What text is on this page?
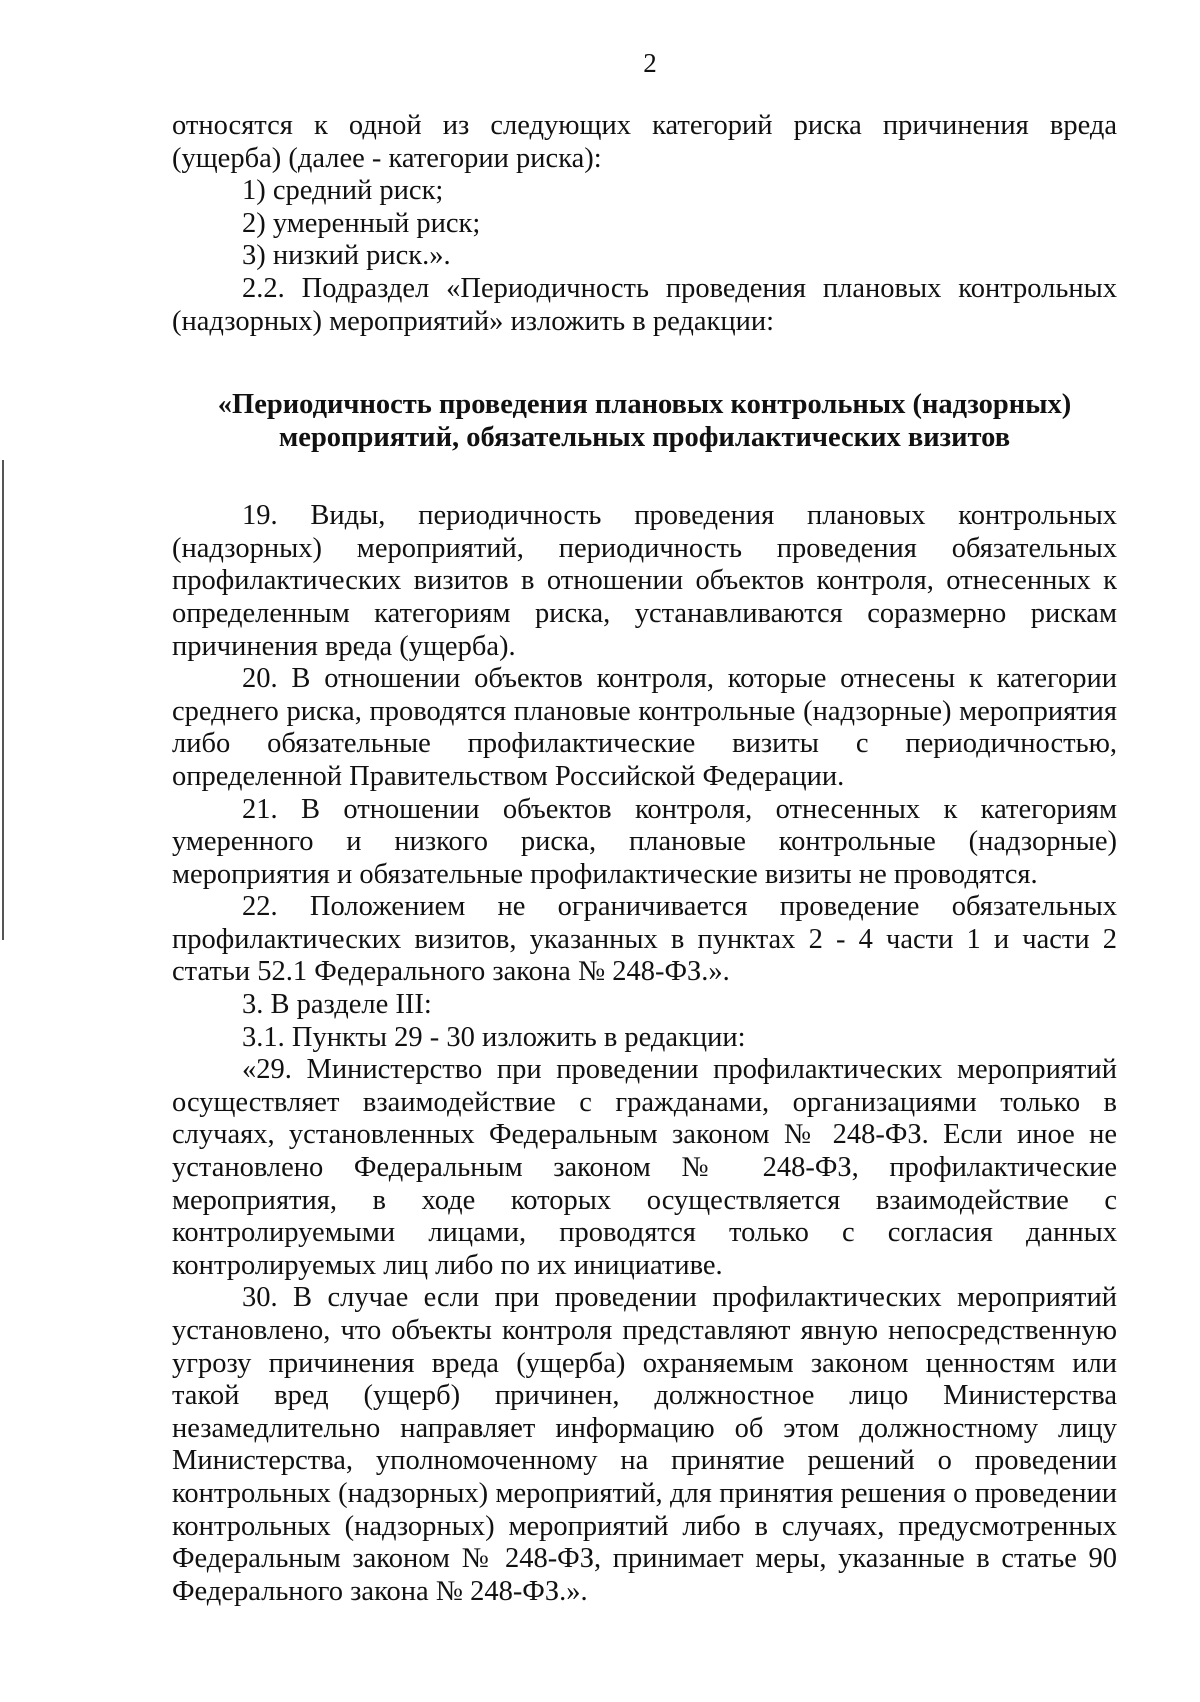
2

относятся к одной из следующих категорий риска причинения вреда (ущерба) (далее - категории риска):

1) средний риск;

2) умеренный риск;

3) низкий риск.».

2.2. Подраздел «Периодичность проведения плановых контрольных (надзорных) мероприятий» изложить в редакции:

«Периодичность проведения плановых контрольных (надзорных)
мероприятий, обязательных профилактических визитов

19. Виды, периодичность проведения плановых контрольных (надзорных) мероприятий, периодичность проведения обязательных профилактических визитов в отношении объектов контроля, отнесенных к определенным категориям риска, устанавливаются соразмерно рискам причинения вреда (ущерба).

20. В отношении объектов контроля, которые отнесены к категории среднего риска, проводятся плановые контрольные (надзорные) мероприятия либо обязательные профилактические визиты с периодичностью, определенной Правительством Российской Федерации.

21. В отношении объектов контроля, отнесенных к категориям умеренного и низкого риска, плановые контрольные (надзорные) мероприятия и обязательные профилактические визиты не проводятся.

22. Положением не ограничивается проведение обязательных профилактических визитов, указанных в пунктах 2 - 4 части 1 и части 2 статьи 52.1 Федерального закона № 248-ФЗ.».

3. В разделе III:

3.1. Пункты 29 - 30 изложить в редакции:

«29. Министерство при проведении профилактических мероприятий осуществляет взаимодействие с гражданами, организациями только в случаях, установленных Федеральным законом № 248-ФЗ. Если иное не установлено Федеральным законом № 248-ФЗ, профилактические мероприятия, в ходе которых осуществляется взаимодействие с контролируемыми лицами, проводятся только с согласия данных контролируемых лиц либо по их инициативе.

30. В случае если при проведении профилактических мероприятий установлено, что объекты контроля представляют явную непосредственную угрозу причинения вреда (ущерба) охраняемым законом ценностям или такой вред (ущерб) причинен, должностное лицо Министерства незамедлительно направляет информацию об этом должностному лицу Министерства, уполномоченному на принятие решений о проведении контрольных (надзорных) мероприятий, для принятия решения о проведении контрольных (надзорных) мероприятий либо в случаях, предусмотренных Федеральным законом № 248-ФЗ, принимает меры, указанные в статье 90 Федерального закона № 248-ФЗ.».
